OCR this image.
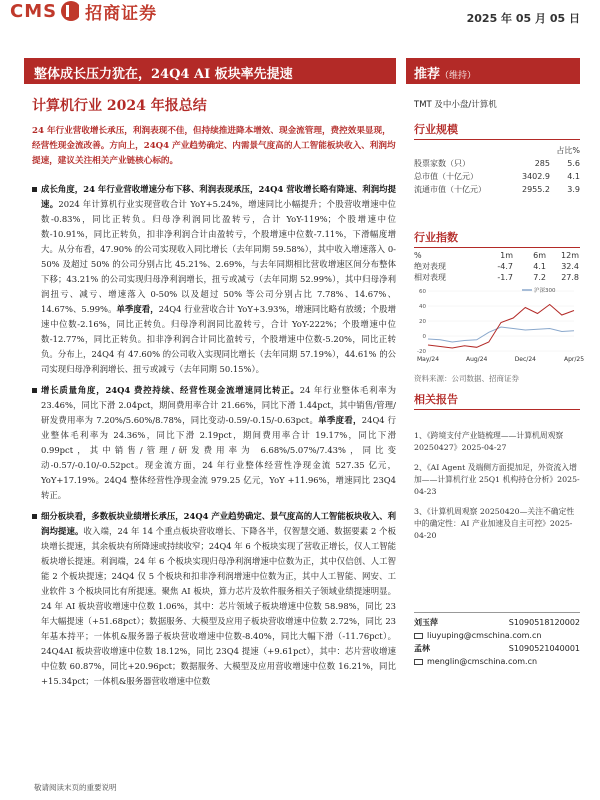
CMS 招商证券	2025 年 05 月 05 日
整体成长压力犹在，24Q4 AI 板块率先提速	推荐（维持）
计算机行业 2024 年报总结
24 年行业营收增长承压，利润表现不佳，但持续推进降本增效、现金流管理，费控效果显现，经营性现金流改善。方向上，24Q4 产业趋势确定、内需景气度高的人工智能板块收入、利润均提速，建议关注相关产业链核心标的。
成长角度，24 年行业营收增速分布下移、利润表现承压，24Q4 营收增长略有降速、利润均提速。2024 年计算机行业实现营收合计 YoY+5.24%，增速同比小幅提升；个股营收增速中位数-0.83%，同比正转负。归母净利润同比盈转亏，合计 YoY-119%；个股增速中位数-10.91%，同比正转负，扣非净利润合计由盈转亏，个股增速中位数-7.11%，下滑幅度增大。从分布看，47.90% 的公司实现收入同比增长（去年同期 59.58%），其中收入增速落入 0-50% 及超过 50% 的公司分别占比 45.21%、2.69%，与去年同期相比营收增速区间分布整体下移；43.21% 的公司实现归母净利润增长，扭亏或减亏（去年同期 52.99%），其中归母净利润扭亏、减亏、增速落入 0-50% 以及超过 50% 等公司分别占比 7.78%、14.67%、14.67%、5.99%。单季度看，24Q4 行业营收合计 YoY+3.93%，增速同比略有放缓；个股增速中位数-2.16%，同比正转负。归母净利润同比盈转亏，合计 YoY-222%；个股增速中位数-12.77%，同比正转负。扣非净利润合计同比盈转亏，个股增速中位数-5.20%，同比正转负。分布上，24Q4 有 47.60% 的公司收入实现同比增长（去年同期 57.19%），44.61% 的公司实现归母净利润增长、扭亏或减亏（去年同期 50.15%）。
增长质量角度，24Q4 费控持续、经营性现金流增速同比转正。24 年行业整体毛利率为 23.46%，同比下滑 2.04pct，期间费用率合计 21.66%，同比下滑 1.44pct，其中销售/管理/研发费用率为 7.20%/5.60%/8.78%，同比变动-0.59/-0.15/-0.63pct。单季度看，24Q4 行业整体毛利率为 24.36%，同比下滑 2.19pct，期间费用率合计 19.17%，同比下滑 0.99pct，其中销售/管理/研发费用率为 6.68%/5.07%/7.43%，同比变动-0.57/-0.10/-0.52pct。现金流方面，24 年行业整体经营性净现金流 527.35 亿元，YoY+17.19%。24Q4 整体经营性净现金流 979.25 亿元，YoY +11.96%，增速同比 23Q4 转正。
细分板块看，多数板块业绩增长承压，24Q4 产业趋势确定、景气度高的人工智能板块收入、利润均提速。收入端，24 年 14 个重点板块营收增长、下降各半，仅智慧交通、数据要素 2 个板块增长提速，其余板块有所降速或持续收窄；24Q4 年 6 个板块实现了营收正增长，仅人工智能板块增长提速。利润端，24 年 6 个板块实现归母净利润增速中位数为正，其中仅信创、人工智能 2 个板块提速；24Q4 仅 5 个板块和扣非净利润增速中位数为正，其中人工智能、网安、工业软件 3 个板块同比有所提速。聚焦 AI 板块，算力芯片及软件服务相关子领域业绩提速明显。24 年 AI 板块营收增速中位数 1.06%，其中：芯片领域子板块增速中位数 58.98%，同比 23 年大幅提速（+51.68pct）；数据服务、大模型及应用子板块营收增速中位数 2.72%，同比 23 年基本持平；一体机&服务器子板块营收增速中位数-8.40%，同比大幅下滑（-11.76pct）。24Q4AI 板块营收增速中位数 18.12%，同比 23Q4 提速（+9.61pct），其中：芯片营收增速中位数 60.87%，同比+20.96pct；数据服务、大模型及应用营收增速中位数 16.21%，同比+15.34pct；一体机&服务器营收增速中位数
TMT 及中小盘/计算机
行业规模
占比%
股票家数（只）	285	5.6
总市值（十亿元）	3402.9	4.1
流通市值（十亿元）	2955.2	3.9
行业指数
%	1m	6m	12m
绝对表现	-4.7	4.1	32.4
相对表现	-1.7	7.2	27.8
60
40
20
0
-20
May/24	Aug/24	Dec/24	Apr/25
沪深300
资料来源：公司数据、招商证券
相关报告
1、《跨境支付产业链梳理——计算机周观察 20250427》2025-04-27
2、《AI Agent 及端侧方面提加足，外资流入增加——计算机行业 25Q1 机构持仓分析》2025-04-23
3、《计算机周观察 20250420—关注不确定性中的确定性：AI 产业加速及自主可控》2025-04-20
刘玉萍	S1090518120002
liuyuping@cmschina.com.cn
孟林	S1090521040001
menglin@cmschina.com.cn
敬请阅读末页的重要说明
